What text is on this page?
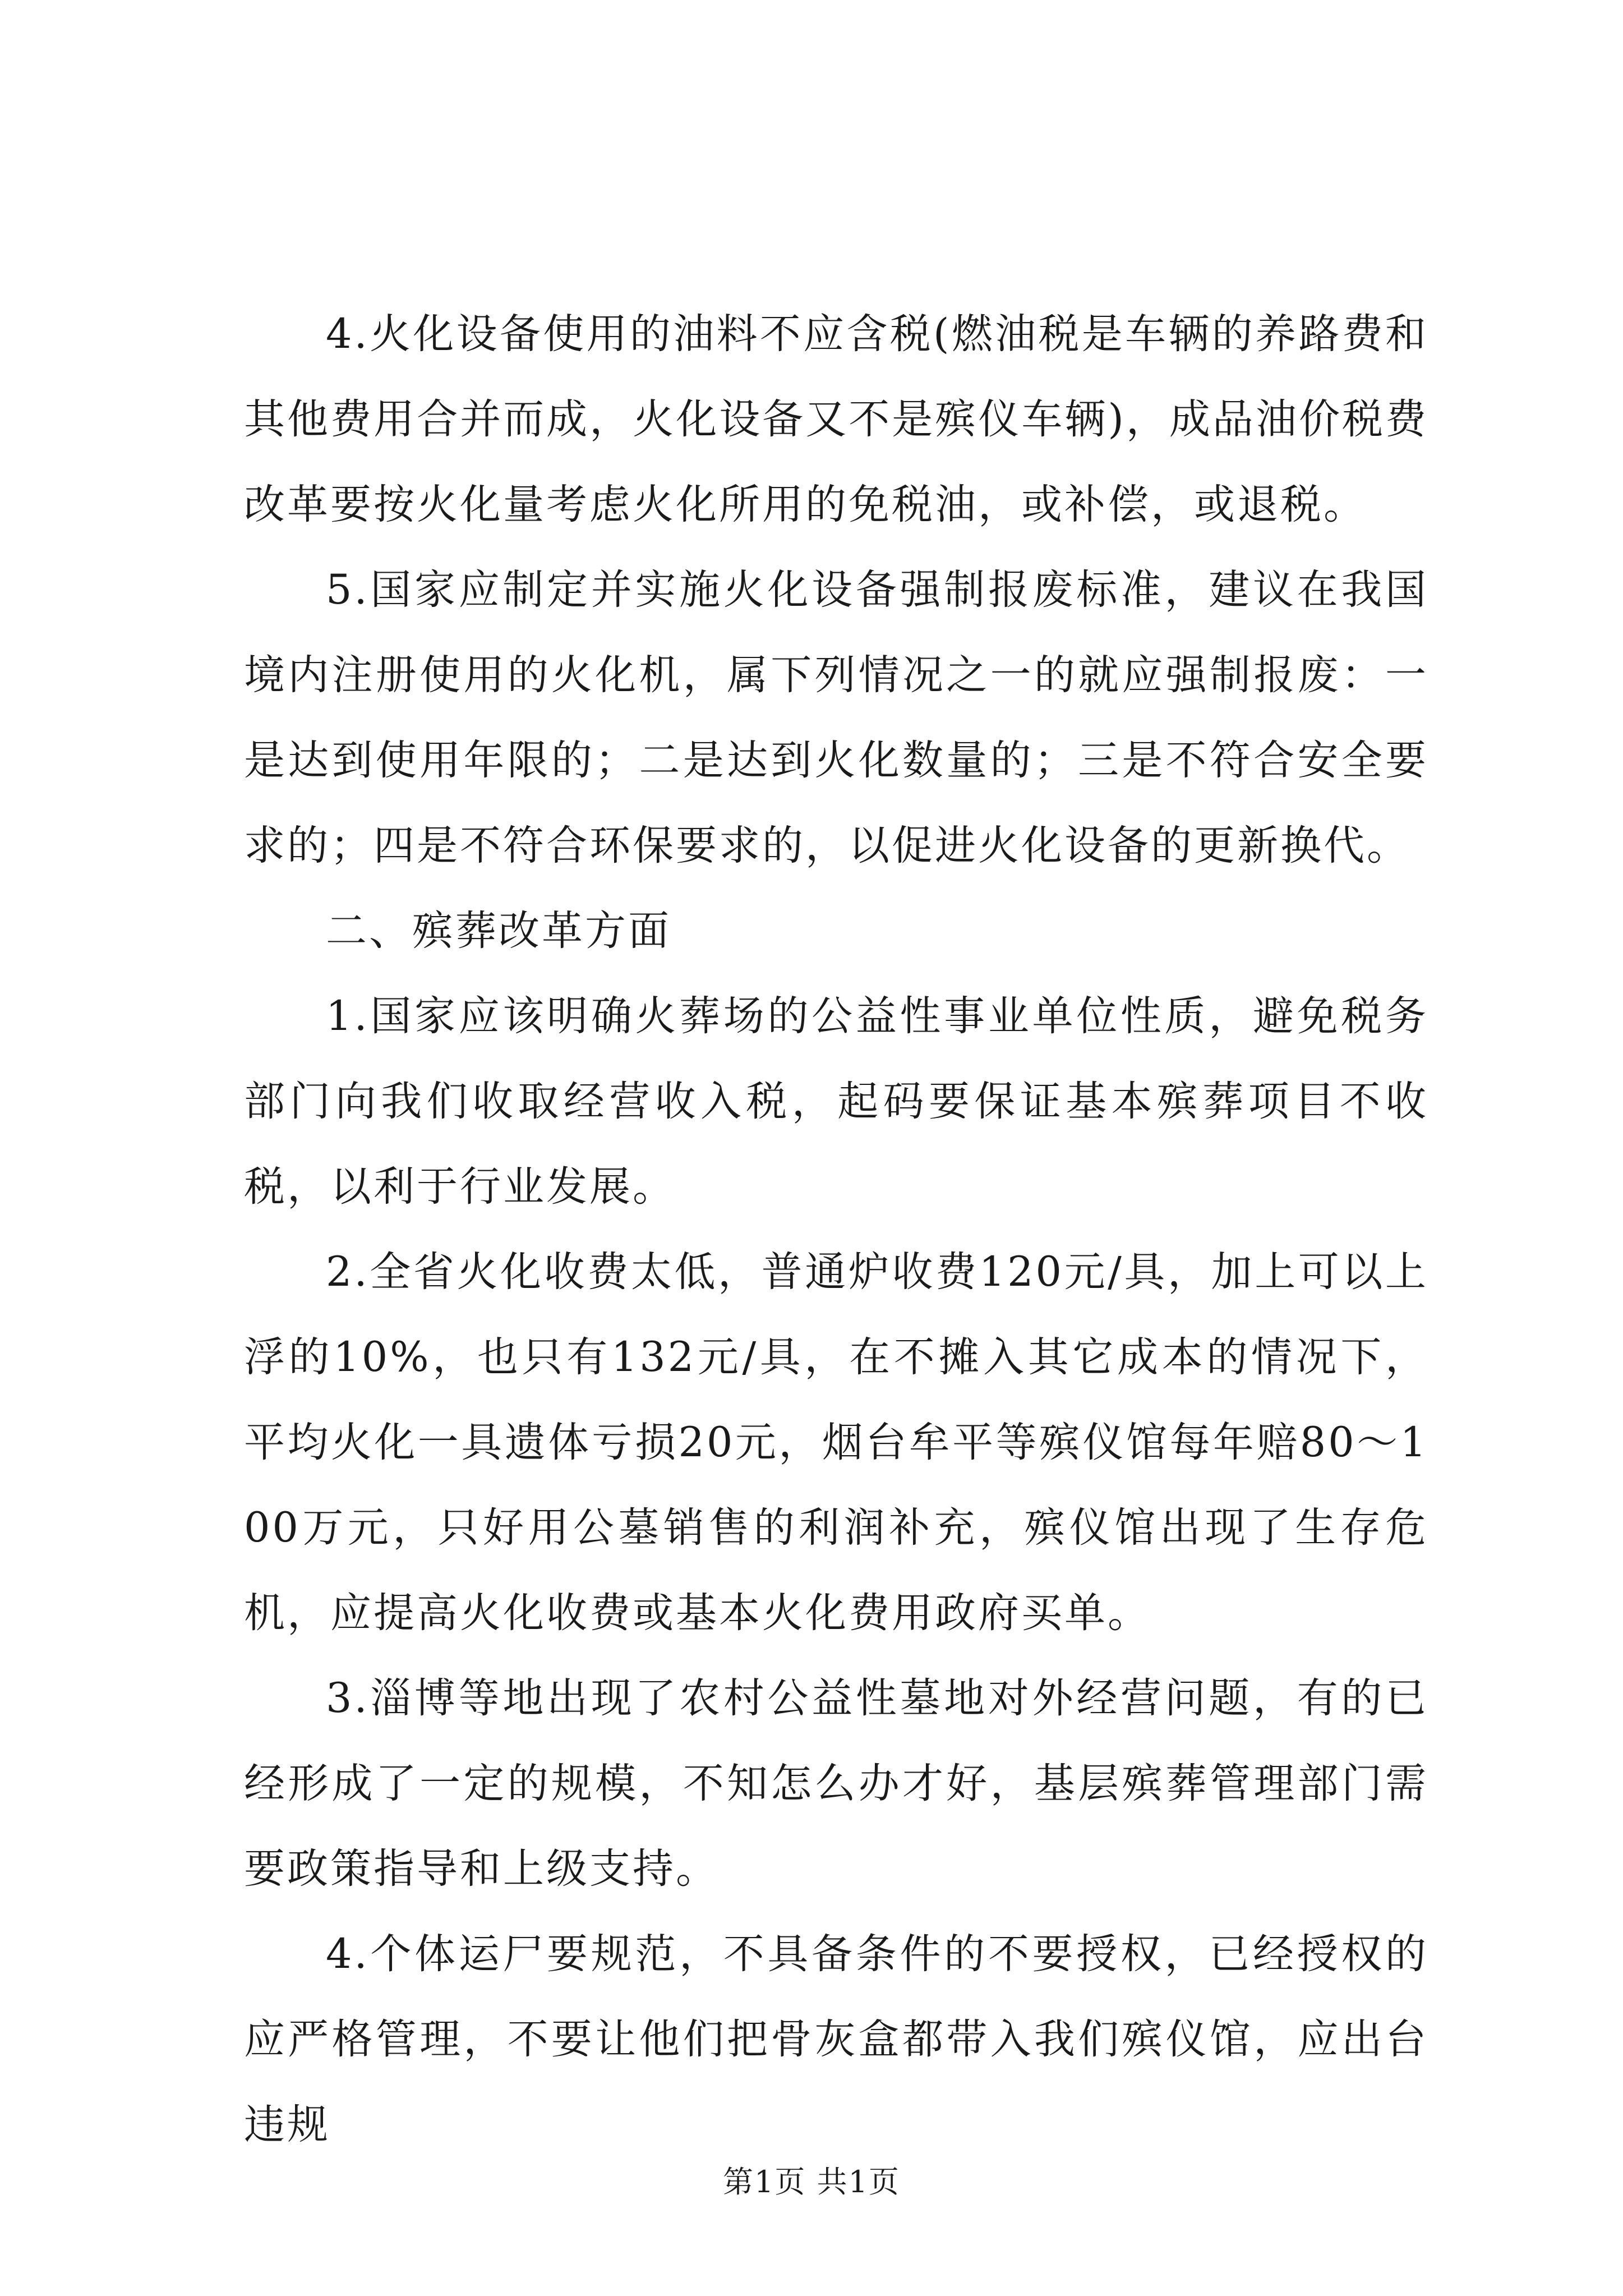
4.火化设备使用的油料不应含税(燃油税是车辆的养路费和其他费用合并而成，火化设备又不是殡仪车辆)，成品油价税费改革要按火化量考虑火化所用的免税油，或补偿，或退税。

5.国家应制定并实施火化设备强制报废标准，建议在我国境内注册使用的火化机，属下列情况之一的就应强制报废：一是达到使用年限的；二是达到火化数量的；三是不符合安全要求的；四是不符合环保要求的，以促进火化设备的更新换代。

二、殡葬改革方面

1.国家应该明确火葬场的公益性事业单位性质，避免税务部门向我们收取经营收入税，起码要保证基本殡葬项目不收税，以利于行业发展。

2.全省火化收费太低，普通炉收费120元/具，加上可以上浮的10%，也只有132元/具，在不摊入其它成本的情况下，平均火化一具遗体亏损20元，烟台牟平等殡仪馆每年赔80～100万元，只好用公墓销售的利润补充，殡仪馆出现了生存危机，应提高火化收费或基本火化费用政府买单。

3.淄博等地出现了农村公益性墓地对外经营问题，有的已经形成了一定的规模，不知怎么办才好，基层殡葬管理部门需要政策指导和上级支持。

4.个体运尸要规范，不具备条件的不要授权，已经授权的应严格管理，不要让他们把骨灰盒都带入我们殡仪馆，应出台违规

第1页 共1页
